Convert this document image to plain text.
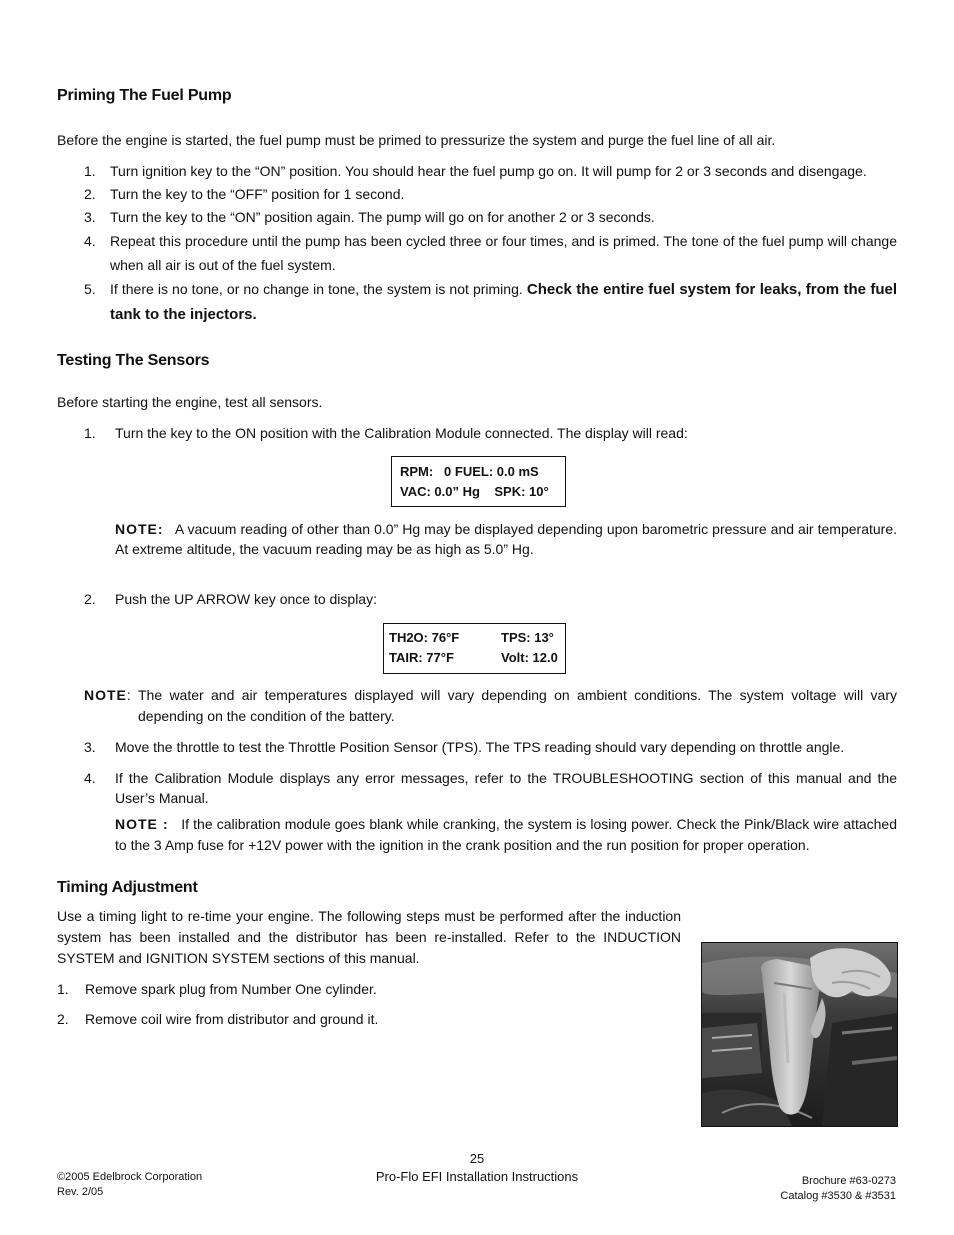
Priming The Fuel Pump

Before the engine is started, the fuel pump must be primed to pressurize the system and purge the fuel line of all air.

1.	Turn ignition key to the “ON” position. You should hear the fuel pump go on. It will pump for 2 or 3 seconds and disengage.
2.	Turn the key to the “OFF” position for 1 second.
3.	Turn the key to the “ON” position again. The pump will go on for another 2 or 3 seconds.
4.	Repeat this procedure until the pump has been cycled three or four times, and is primed. The tone of the fuel pump will change when all air is out of the fuel system.
5.	If there is no tone, or no change in tone, the system is not priming. Check the entire fuel system for leaks, from the fuel tank to the injectors.
Testing The Sensors

Before starting the engine, test all sensors.

1.	Turn the key to the ON position with the Calibration Module connected. The display will read:
RPM:   0 FUEL: 0.0 mS
VAC: 0.0” Hg    SPK: 10°

NOTE: A vacuum reading of other than 0.0” Hg may be displayed depending upon barometric pressure and air temperature. At extreme altitude, the vacuum reading may be as high as 5.0” Hg.

2.	Push the UP ARROW key once to display:
TH2O: 76°F	TPS: 13°
TAIR: 77°F	Volt: 12.0
NOTE: The water and air temperatures displayed will vary depending on ambient conditions. The system voltage will vary depending on the condition of the battery.
3.	Move the throttle to test the Throttle Position Sensor (TPS). The TPS reading should vary depending on throttle angle.
4.	If the Calibration Module displays any error messages, refer to the TROUBLESHOOTING section of this manual and the User’s Manual.

NOTE : If the calibration module goes blank while cranking, the system is losing power. Check the Pink/Black wire attached to the 3 Amp fuse for +12V power with the ignition in the crank position and the run position for proper operation.

Timing Adjustment

Use a timing light to re-time your engine. The following steps must be performed after the induction system has been installed and the distributor has been re-installed. Refer to the INDUCTION SYSTEM and IGNITION SYSTEM sections of this manual.

1.	Remove spark plug from Number One cylinder.
2.	Remove coil wire from distributor and ground it.
©2005 Edelbrock Corporation
Rev. 2/05
25
Pro-Flo EFI Installation Instructions	Brochure #63-0273
Catalog #3530 & #3531
